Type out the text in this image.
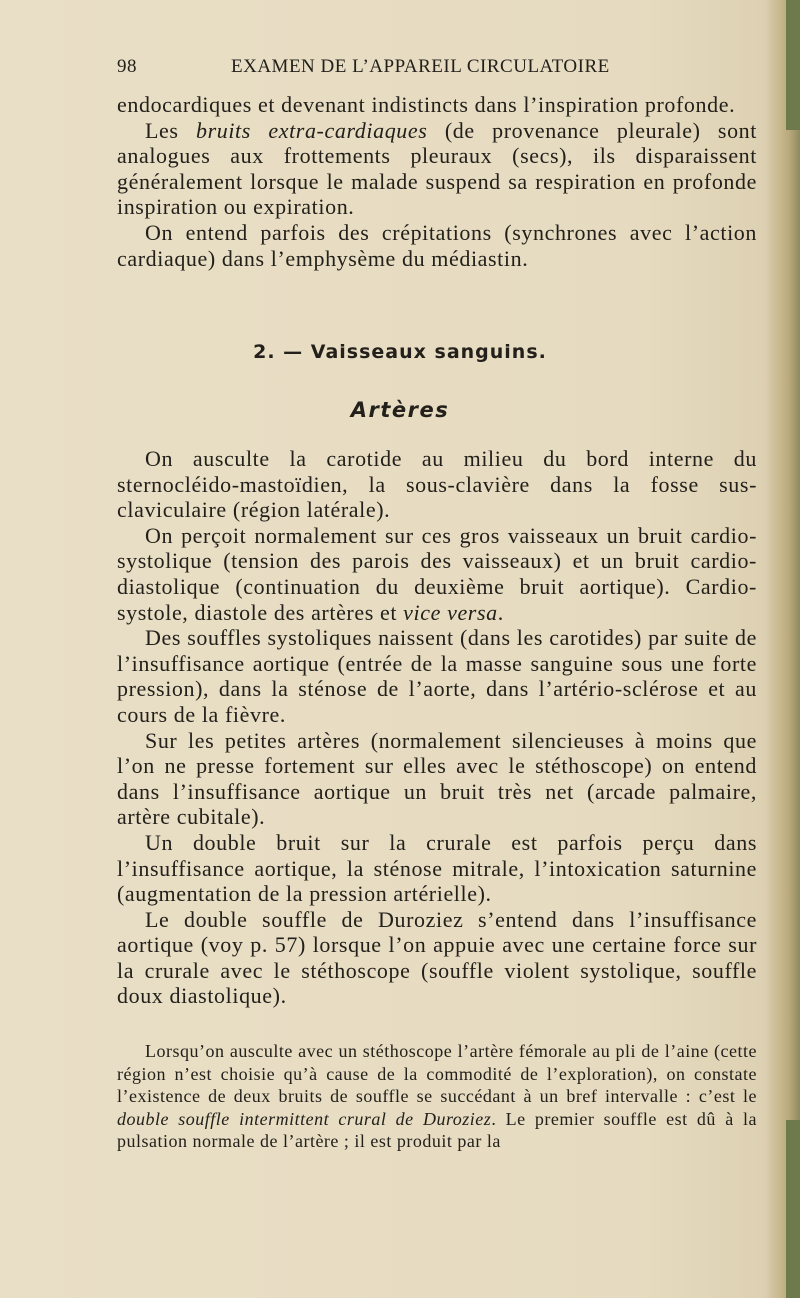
98	EXAMEN DE L’APPAREIL CIRCULATOIRE

endocardiques et devenant indistincts dans l’inspiration profonde.

Les bruits extra-cardiaques (de provenance pleurale) sont analogues aux frottements pleuraux (secs), ils disparaissent généralement lorsque le malade suspend sa respiration en profonde inspiration ou expiration.

On entend parfois des crépitations (synchrones avec l’action cardiaque) dans l’emphysème du médiastin.

2. — Vaisseaux sanguins.
Artères

On ausculte la carotide au milieu du bord interne du sternocléido-mastoïdien, la sous-clavière dans la fosse sus-claviculaire (région latérale).

On perçoit normalement sur ces gros vaisseaux un bruit cardio-systolique (tension des parois des vaisseaux) et un bruit cardio-diastolique (continuation du deuxième bruit aortique). Cardio-systole, diastole des artères et vice versa.

Des souffles systoliques naissent (dans les carotides) par suite de l’insuffisance aortique (entrée de la masse sanguine sous une forte pression), dans la sténose de l’aorte, dans l’artério-sclérose et au cours de la fièvre.

Sur les petites artères (normalement silencieuses à moins que l’on ne presse fortement sur elles avec le stéthoscope) on entend dans l’insuffisance aortique un bruit très net (arcade palmaire, artère cubitale).

Un double bruit sur la crurale est parfois perçu dans l’insuffisance aortique, la sténose mitrale, l’intoxication saturnine (augmentation de la pression artérielle).

Le double souffle de Duroziez s’entend dans l’insuffisance aortique (voy p. 57) lorsque l’on appuie avec une certaine force sur la crurale avec le stéthoscope (souffle violent systolique, souffle doux diastolique).

Lorsqu’on ausculte avec un stéthoscope l’artère fémorale au pli de l’aine (cette région n’est choisie qu’à cause de la commodité de l’exploration), on constate l’existence de deux bruits de souffle se succédant à un bref intervalle : c’est le double souffle intermittent crural de Duroziez. Le premier souffle est dû à la pulsation normale de l’artère ; il est produit par la
